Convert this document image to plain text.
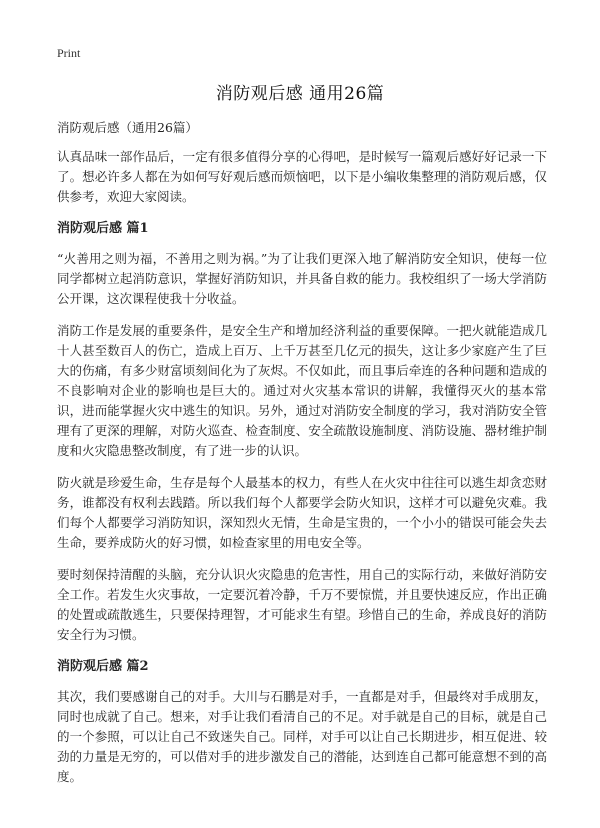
Print
消防观后感 通用26篇
消防观后感（通用26篇）

认真品味一部作品后，一定有很多值得分享的心得吧，是时候写一篇观后感好好记录一下了。想必许多人都在为如何写好观后感而烦恼吧，以下是小编收集整理的消防观后感，仅供参考，欢迎大家阅读。

消防观后感 篇1

“火善用之则为福，不善用之则为祸。”为了让我们更深入地了解消防安全知识，使每一位同学都树立起消防意识，掌握好消防知识，并具备自救的能力。我校组织了一场大学消防公开课，这次课程使我十分收益。

消防工作是发展的重要条件，是安全生产和增加经济利益的重要保障。一把火就能造成几十人甚至数百人的伤亡，造成上百万、上千万甚至几亿元的损失，这让多少家庭产生了巨大的伤痛，有多少财富顷刻间化为了灰烬。不仅如此，而且事后牵连的各种问题和造成的不良影响对企业的影响也是巨大的。通过对火灾基本常识的讲解，我懂得灭火的基本常识，进而能掌握火灾中逃生的知识。另外，通过对消防安全制度的学习，我对消防安全管理有了更深的理解，对防火巡查、检查制度、安全疏散设施制度、消防设施、器材维护制度和火灾隐患整改制度，有了进一步的认识。

防火就是珍爱生命，生存是每个人最基本的权力，有些人在火灾中往往可以逃生却贪恋财务，谁都没有权利去践踏。所以我们每个人都要学会防火知识，这样才可以避免灾难。我们每个人都要学习消防知识，深知烈火无情，生命是宝贵的，一个小小的错误可能会失去生命，要养成防火的好习惯，如检查家里的用电安全等。

要时刻保持清醒的头脑，充分认识火灾隐患的危害性，用自己的实际行动，来做好消防安全工作。若发生火灾事故，一定要沉着冷静，千万不要惊慌，并且要快速反应，作出正确的处置或疏散逃生，只要保持理智，才可能求生有望。珍惜自己的生命，养成良好的消防安全行为习惯。

消防观后感 篇2

其次，我们要感谢自己的对手。大川与石鹏是对手，一直都是对手，但最终对手成朋友，同时也成就了自己。想来，对手让我们看清自己的不足。对手就是自己的目标，就是自己的一个参照，可以让自己不致迷失自己。同样，对手可以让自己长期进步，相互促进、较劲的力量是无穷的，可以借对手的进步激发自己的潜能，达到连自己都可能意想不到的高度。
